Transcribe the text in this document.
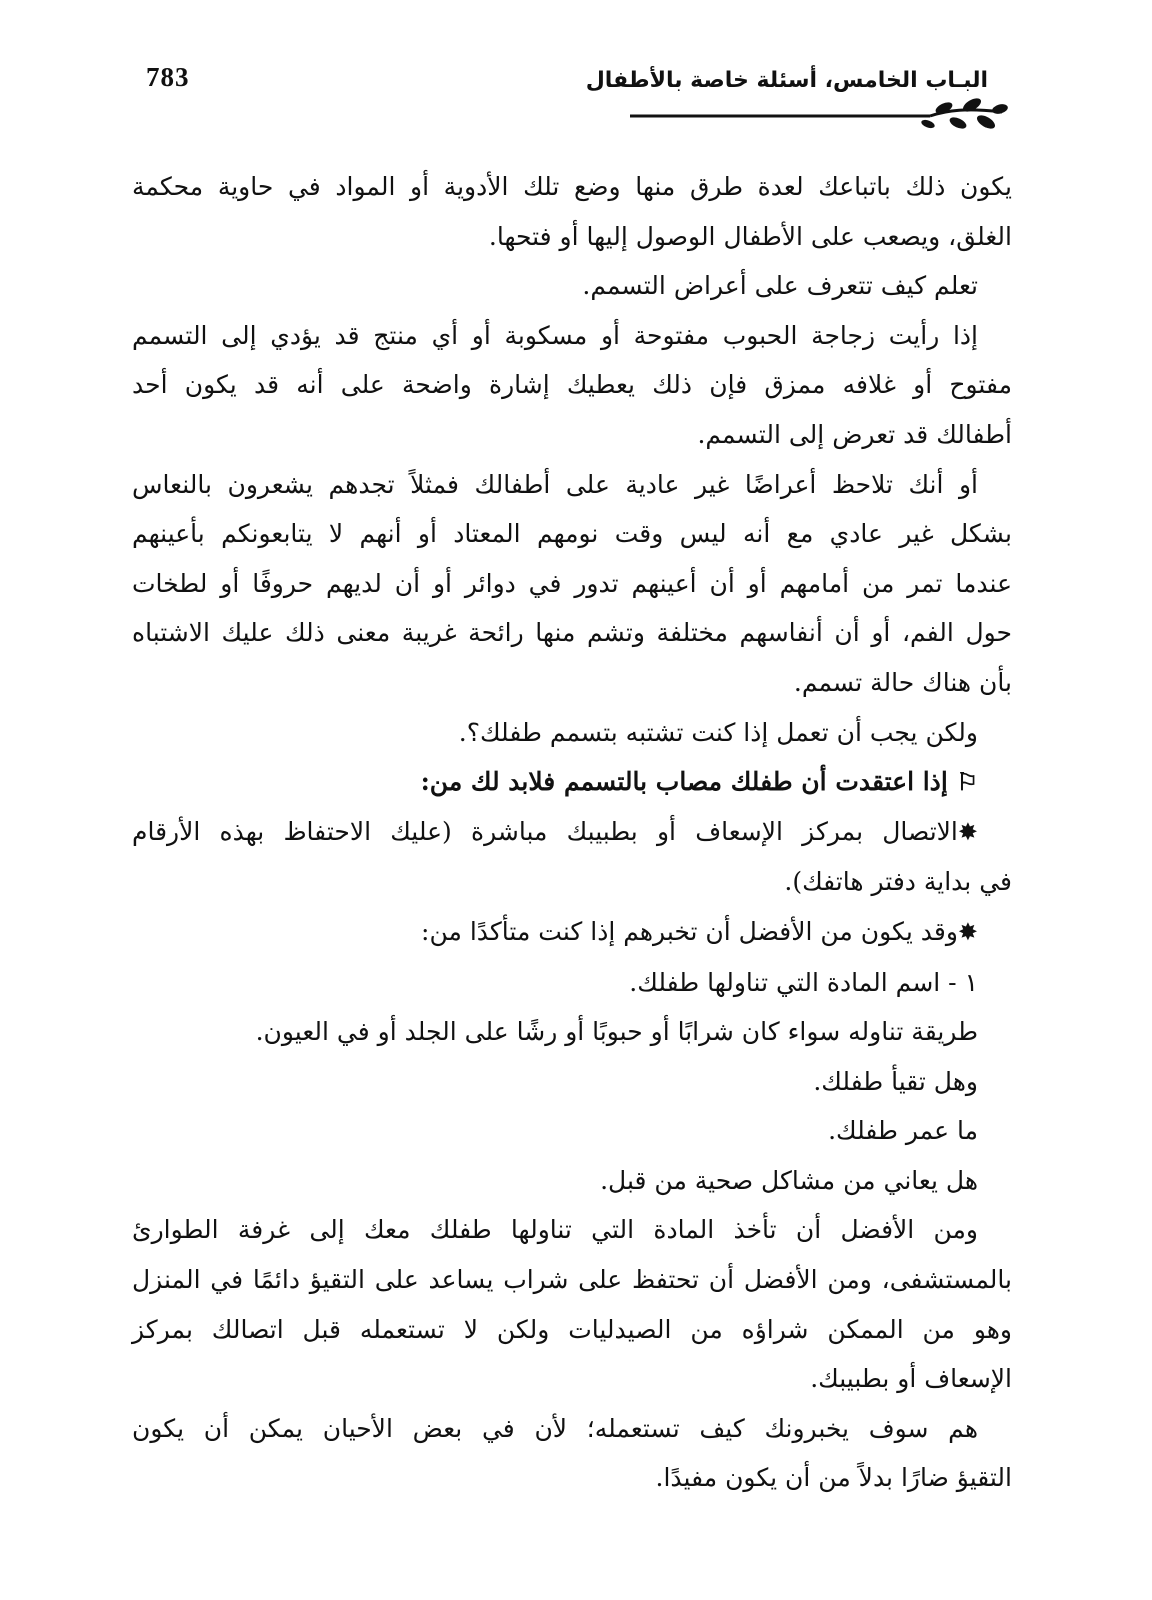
783	البـاب الخامس، أسئلة خاصة بالأطفال

يكون ذلك باتباعك لعدة طرق منها وضع تلك الأدوية أو المواد في حاوية محكمة

الغلق، ويصعب على الأطفال الوصول إليها أو فتحها.

تعلم كيف تتعرف على أعراض التسمم.

إذا رأيت زجاجة الحبوب مفتوحة أو مسكوبة أو أي منتج قد يؤدي إلى التسمم

مفتوح أو غلافه ممزق فإن ذلك يعطيك إشارة واضحة على أنه قد يكون أحد

أطفالك قد تعرض إلى التسمم.

أو أنك تلاحظ أعراضًا غير عادية على أطفالك فمثلاً تجدهم يشعرون بالنعاس

بشكل غير عادي مع أنه ليس وقت نومهم المعتاد أو أنهم لا يتابعونكم بأعينهم

عندما تمر من أمامهم أو أن أعينهم تدور في دوائر أو أن لديهم حروفًا أو لطخات

حول الفم، أو أن أنفاسهم مختلفة وتشم منها رائحة غريبة معنى ذلك عليك الاشتباه

بأن هناك حالة تسمم.

ولكن يجب أن تعمل إذا كنت تشتبه بتسمم طفلك؟.

⚐ إذا اعتقدت أن طفلك مصاب بالتسمم فلابد لك من:

✸الاتصال بمركز الإسعاف أو بطبيبك مباشرة (عليك الاحتفاظ بهذه الأرقام

في بداية دفتر هاتفك).

✸وقد يكون من الأفضل أن تخبرهم إذا كنت متأكدًا من:

١ - اسم المادة التي تناولها طفلك.

طريقة تناوله سواء كان شرابًا أو حبوبًا أو رشًا على الجلد أو في العيون.

وهل تقيأ طفلك.

ما عمر طفلك.

هل يعاني من مشاكل صحية من قبل.

ومن الأفضل أن تأخذ المادة التي تناولها طفلك معك إلى غرفة الطوارئ

بالمستشفى، ومن الأفضل أن تحتفظ على شراب يساعد على التقيؤ دائمًا في المنزل

وهو من الممكن شراؤه من الصيدليات ولكن لا تستعمله قبل اتصالك بمركز

الإسعاف أو بطبيبك.

هم سوف يخبرونك كيف تستعمله؛ لأن في بعض الأحيان يمكن أن يكون

التقيؤ ضارًا بدلاً من أن يكون مفيدًا.
